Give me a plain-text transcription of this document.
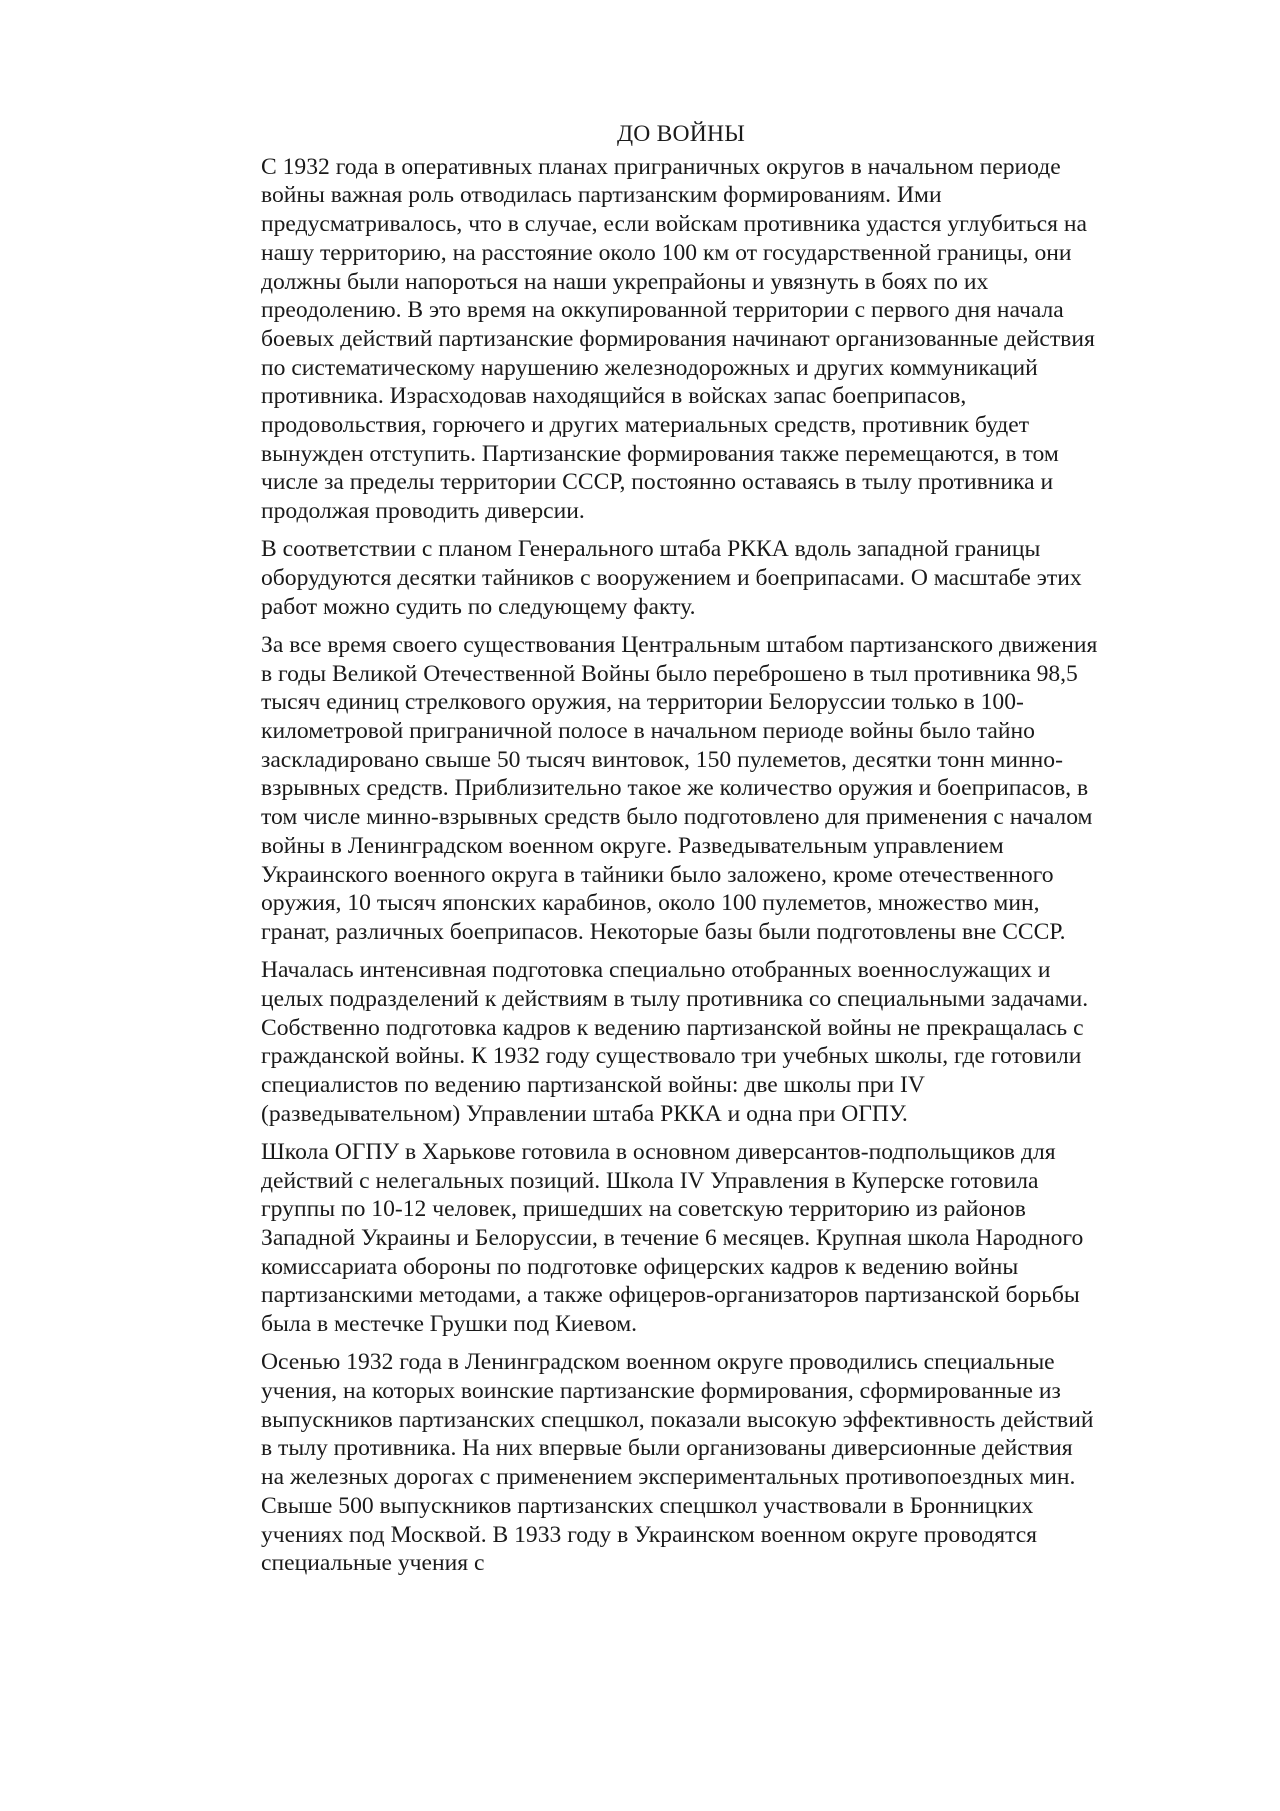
ДО ВОЙНЫ

С 1932 года в оперативных планах приграничных округов в начальном периоде войны важная роль отводилась партизанским формированиям. Ими предусматривалось, что в случае, если войскам противника удастся углубиться на нашу территорию, на расстояние около 100 км от государственной границы, они должны были напороться на наши укрепрайоны и увязнуть в боях по их преодолению. В это время на оккупированной территории с первого дня начала боевых действий партизанские формирования начинают организованные действия по систематическому нарушению железнодорожных и других коммуникаций противника. Израсходовав находящийся в войсках запас боеприпасов, продовольствия, горючего и других материальных средств, противник будет вынужден отступить. Партизанские формирования также перемещаются, в том числе за пределы территории СССР, постоянно оставаясь в тылу противника и продолжая проводить диверсии.

В соответствии с планом Генерального штаба РККА вдоль западной границы оборудуются десятки тайников с вооружением и боеприпасами. О масштабе этих работ можно судить по следующему факту.

За все время своего существования Центральным штабом партизанского движения в годы Великой Отечественной Войны было переброшено в тыл противника 98,5 тысяч единиц стрелкового оружия, на территории Белоруссии только в 100-километровой приграничной полосе в начальном периоде войны было тайно заскладировано свыше 50 тысяч винтовок, 150 пулеметов, десятки тонн минно-взрывных средств. Приблизительно такое же количество оружия и боеприпасов, в том числе минно-взрывных средств было подготовлено для применения с началом войны в Ленинградском военном округе. Разведывательным управлением Украинского военного округа в тайники было заложено, кроме отечественного оружия, 10 тысяч японских карабинов, около 100 пулеметов, множество мин, гранат, различных боеприпасов. Некоторые базы были подготовлены вне СССР.

Началась интенсивная подготовка специально отобранных военнослужащих и целых подразделений к действиям в тылу противника со специальными задачами. Собственно подготовка кадров к ведению партизанской войны не прекращалась с гражданской войны. К 1932 году существовало три учебных школы, где готовили специалистов по ведению партизанской войны: две школы при IV (разведывательном) Управлении штаба РККА и одна при ОГПУ.

Школа ОГПУ в Харькове готовила в основном диверсантов-подпольщиков для действий с нелегальных позиций. Школа IV Управления в Куперске готовила группы по 10-12 человек, пришедших на советскую территорию из районов Западной Украины и Белоруссии, в течение 6 месяцев. Крупная школа Народного комиссариата обороны по подготовке офицерских кадров к ведению войны партизанскими методами, а также офицеров-организаторов партизанской борьбы была в местечке Грушки под Киевом.

Осенью 1932 года в Ленинградском военном округе проводились специальные учения, на которых воинские партизанские формирования, сформированные из выпускников партизанских спецшкол, показали высокую эффективность действий в тылу противника. На них впервые были организованы диверсионные действия на железных дорогах с применением экспериментальных противопоездных мин. Свыше 500 выпускников партизанских спецшкол участвовали в Бронницких учениях под Москвой. В 1933 году в Украинском военном округе проводятся специальные учения с
